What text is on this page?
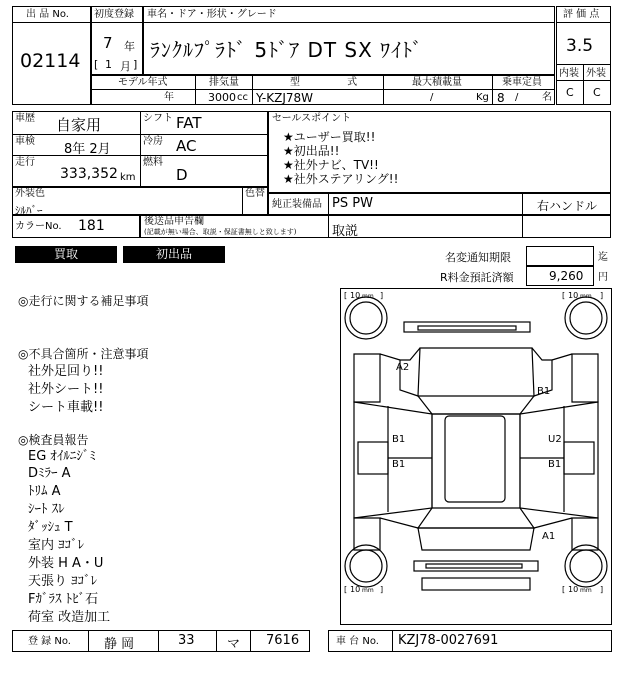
出 品 No.
02114
初度登録
7 年
[ 1 月 ]
車名・ドア・形状・グレード
ﾗﾝｸﾙﾌﾟﾗﾄﾞ 5ﾄﾞｱ DT SX ﾜｲﾄﾞ
モデル年式
年
排気量
3000 cc
型 式
Y-KZJ78W
最大積載量
/	Kg
乗車定員
8 / 名
評 価 点
3.5
内装 外装
C C
車歴 自家用	シフト FAT
車検
8年 2月
冷房 AC
走行
333,352 km
燃料
D
セールスポイント
★ユーザー買取!!
★初出品!!
★社外ナビ、TV!!
★社外ステアリング!!
外装色
ｼﾙﾊﾞｰ
色替
純正装備品 PS PW	右ハンドル
カラーNo. 181	後送品申告欄
(記載が無い場合、取説・保証書無しと致します)	取説
買取	初出品	名変通知期限	迄
R料金預託済額	9,260 円
◎走行に関する補足事項
◎不具合箇所・注意事項
社外足回り!!
社外シート!!
シート車載!!
◎検査員報告
EG ｵｲﾙﾆｼﾞﾐ
Dﾐﾗｰ A
ﾄﾘﾑ A
ｼｰﾄ ｽﾚ
ﾀﾞｯｼｭ T
室内 ﾖｺﾞﾚ
外装 H A・U
天張り ﾖｺﾞﾚ
Fｶﾞﾗｽ ﾄﾋﾞ石
荷室 改造加工
[ 10 mm ]	[ 10 mm ]
[ 10 mm ]	[ 10 mm ]
A2
B1
B1	U2
B1	B1
A1
登 録 No.	静 岡	33 マ 7616	車 台 No. KZJ78-0027691
